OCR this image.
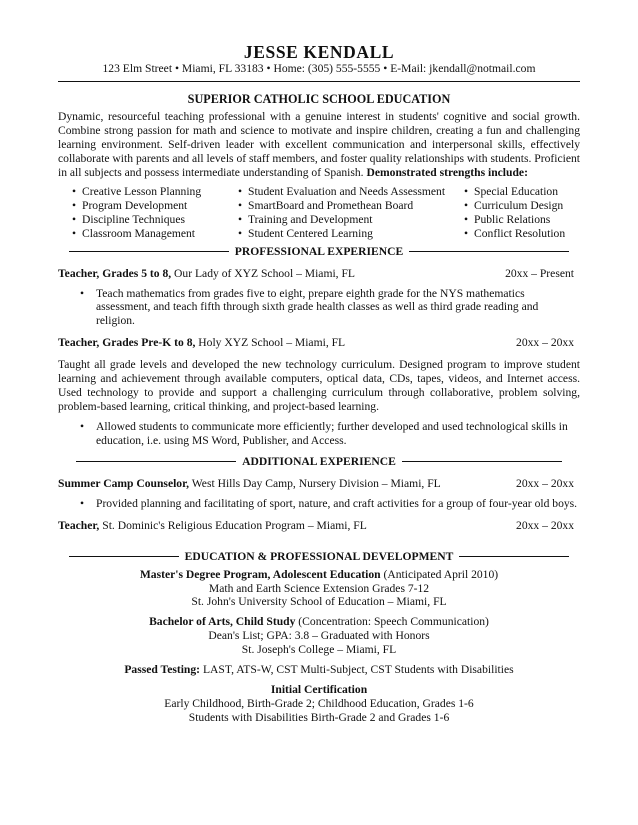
JESSE KENDALL
123 Elm Street • Miami, FL 33183 • Home: (305) 555-5555 • E-Mail: jkendall@notmail.com
SUPERIOR CATHOLIC SCHOOL EDUCATION
Dynamic, resourceful teaching professional with a genuine interest in students' cognitive and social growth. Combine strong passion for math and science to motivate and inspire children, creating a fun and challenging learning environment. Self-driven leader with excellent communication and interpersonal skills, effectively collaborate with parents and all levels of staff members, and foster quality relationships with students. Proficient in all subjects and possess intermediate understanding of Spanish. Demonstrated strengths include:
• Creative Lesson Planning	• Student Evaluation and Needs Assessment	• Special Education
• Program Development	• SmartBoard and Promethean Board	• Curriculum Design
• Discipline Techniques	• Training and Development	• Public Relations
• Classroom Management	• Student Centered Learning	• Conflict Resolution
PROFESSIONAL EXPERIENCE
Teacher, Grades 5 to 8, Our Lady of XYZ School – Miami, FL	20xx – Present
•	Teach mathematics from grades five to eight, prepare eighth grade for the NYS mathematics assessment, and teach fifth through sixth grade health classes as well as third grade reading and religion.
Teacher, Grades Pre-K to 8, Holy XYZ School – Miami, FL	20xx – 20xx
Taught all grade levels and developed the new technology curriculum. Designed program to improve student learning and achievement through available computers, optical data, CDs, tapes, videos, and Internet access. Used technology to provide and support a challenging curriculum through collaborative, problem solving, problem-based learning, critical thinking, and project-based learning.
•	Allowed students to communicate more efficiently; further developed and used technological skills in education, i.e. using MS Word, Publisher, and Access.
ADDITIONAL EXPERIENCE
Summer Camp Counselor, West Hills Day Camp, Nursery Division – Miami, FL	20xx – 20xx
•	Provided planning and facilitating of sport, nature, and craft activities for a group of four-year old boys.
Teacher, St. Dominic's Religious Education Program – Miami, FL	20xx – 20xx
EDUCATION & PROFESSIONAL DEVELOPMENT
Master's Degree Program, Adolescent Education (Anticipated April 2010)
Math and Earth Science Extension Grades 7-12
St. John's University School of Education – Miami, FL
Bachelor of Arts, Child Study (Concentration: Speech Communication)
Dean's List; GPA: 3.8 – Graduated with Honors
St. Joseph's College – Miami, FL
Passed Testing: LAST, ATS-W, CST Multi-Subject, CST Students with Disabilities
Initial Certification
Early Childhood, Birth-Grade 2; Childhood Education, Grades 1-6
Students with Disabilities Birth-Grade 2 and Grades 1-6
